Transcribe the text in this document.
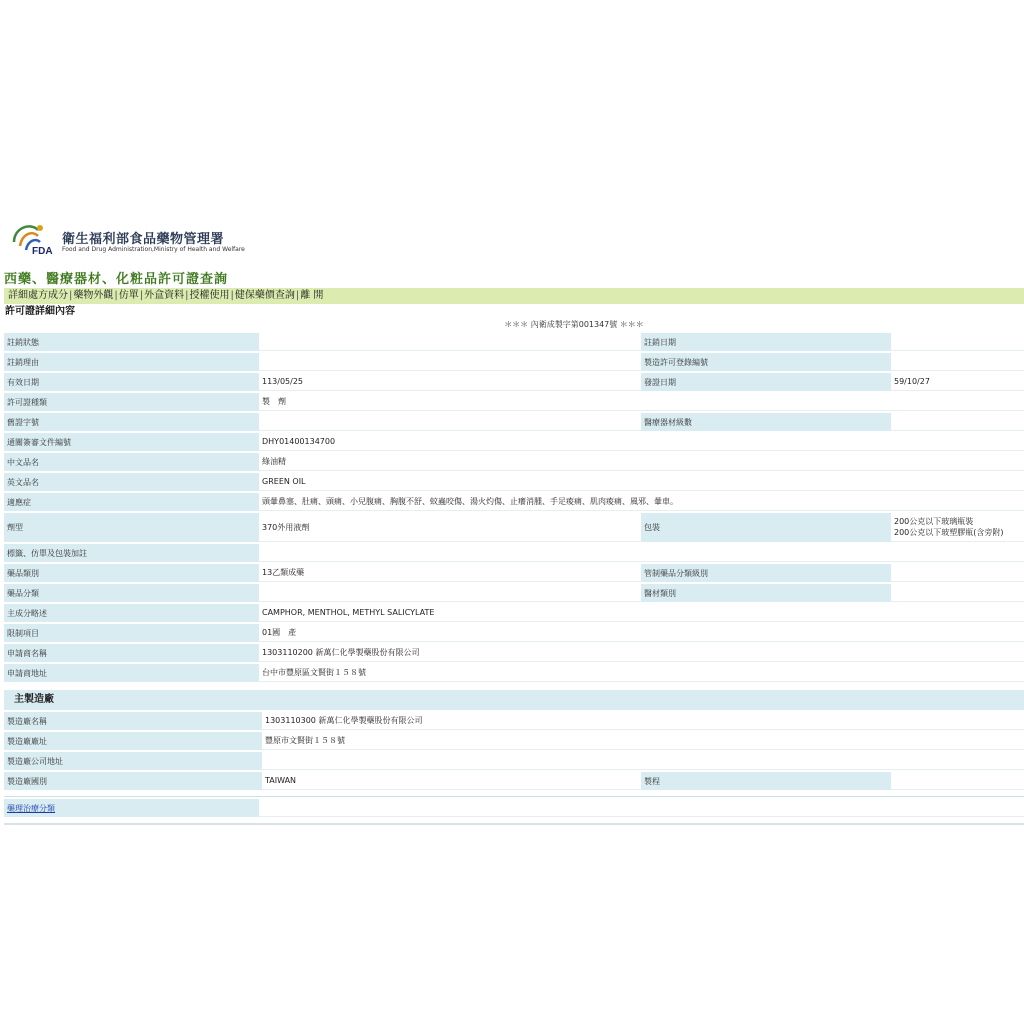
FDA
衛生福利部食品藥物管理署
Food and Drug Administration,Ministry of Health and Welfare
西藥、醫療器材、化粧品許可證查詢
詳細處方成分|藥物外觀|仿單|外盒資料|授權使用|健保藥價查詢|離 開
許可證詳細內容
＊＊＊ 內衛成製字第001347號 ＊＊＊
註銷狀態		註銷日期	
註銷理由		製造許可登錄編號	
有效日期	113/05/25	發證日期	59/10/27
許可證種類	製　劑		
舊證字號		醫療器材級數	
通關簽審文件編號	DHY01400134700		
中文品名	綠油精		
英文品名	GREEN OIL		
適應症	頭暈鼻塞、肚痛、頭痛、小兒腹痛、胸腹不舒、蚊蟲咬傷、湯火灼傷、止癢消腫、手足痠痛、肌肉痠痛、風邪、暈車。		
劑型	370外用液劑	包裝	200公克以下玻璃瓶裝
200公克以下玻塑膠瓶(含旁附)

標籤、仿單及包裝加註			
藥品類別	13乙類成藥	管制藥品分類級別	
藥品分類		醫材類別	
主成分略述	CAMPHOR, MENTHOL, METHYL SALICYLATE		
限制項目	01國　產		
申請商名稱	1303110200 新萬仁化學製藥股份有限公司		
申請商地址	台中市豐原區文賢街１５８號		
主製造廠
製造廠名稱	1303110300 新萬仁化學製藥股份有限公司		
製造廠廠址	豐原市文賢街１５８號		
製造廠公司地址			
製造廠國別	TAIWAN	製程	
藥理治療分類	
